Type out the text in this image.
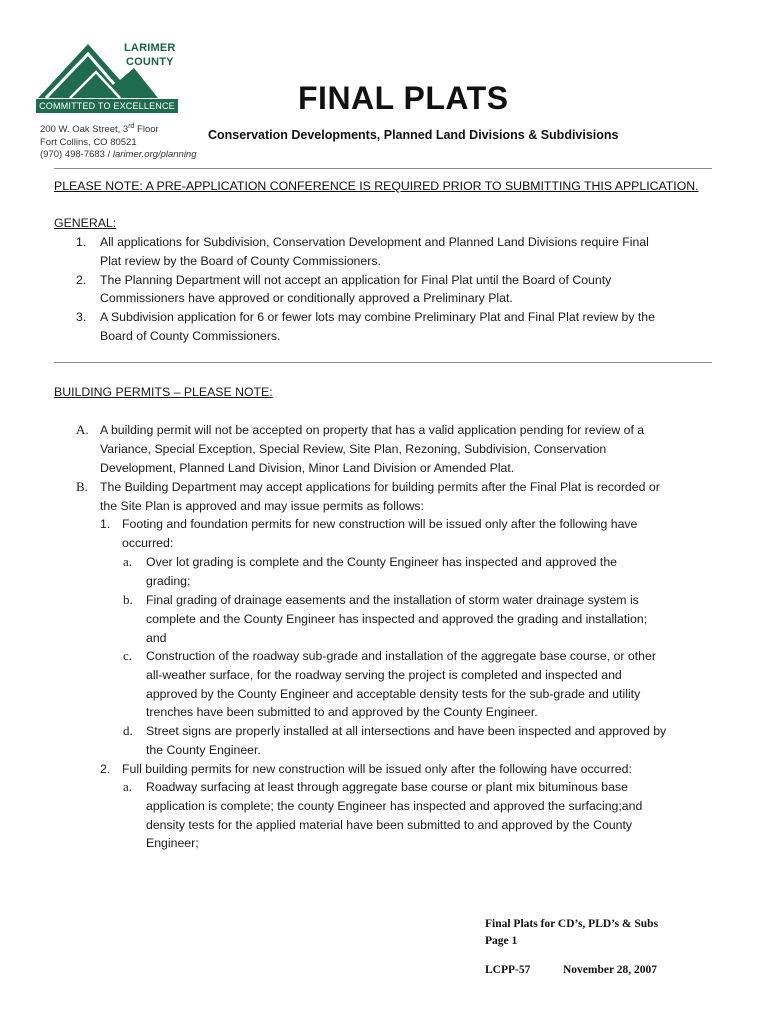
LARIMER
COUNTY
COMMITTED TO EXCELLENCE
200 W. Oak Street, 3rd Floor
Fort Collins, CO 80521
(970) 498-7683 / larimer.org/planning
FINAL PLATS
Conservation Developments, Planned Land Divisions & Subdivisions
PLEASE NOTE: A PRE-APPLICATION CONFERENCE IS REQUIRED PRIOR TO SUBMITTING THIS APPLICATION.
GENERAL:
1. All applications for Subdivision, Conservation Development and Planned Land Divisions require Final
Plat review by the Board of County Commissioners.
2. The Planning Department will not accept an application for Final Plat until the Board of County
Commissioners have approved or conditionally approved a Preliminary Plat.
3. A Subdivision application for 6 or fewer lots may combine Preliminary Plat and Final Plat review by the
Board of County Commissioners.
BUILDING PERMITS – PLEASE NOTE:
A. A building permit will not be accepted on property that has a valid application pending for review of a
Variance, Special Exception, Special Review, Site Plan, Rezoning, Subdivision, Conservation
Development, Planned Land Division, Minor Land Division or Amended Plat.
B. The Building Department may accept applications for building permits after the Final Plat is recorded or
the Site Plan is approved and may issue permits as follows:
1. Footing and foundation permits for new construction will be issued only after the following have
occurred:
a. Over lot grading is complete and the County Engineer has inspected and approved the
grading;
b. Final grading of drainage easements and the installation of storm water drainage system is
complete and the County Engineer has inspected and approved the grading and installation;
and
c. Construction of the roadway sub-grade and installation of the aggregate base course, or other
all-weather surface, for the roadway serving the project is completed and inspected and
approved by the County Engineer and acceptable density tests for the sub-grade and utility
trenches have been submitted to and approved by the County Engineer.
d. Street signs are properly installed at all intersections and have been inspected and approved by
the County Engineer.
2. Full building permits for new construction will be issued only after the following have occurred:
a. Roadway surfacing at least through aggregate base course or plant mix bituminous base
application is complete; the county Engineer has inspected and approved the surfacing;and
density tests for the applied material have been submitted to and approved by the County
Engineer;
Final Plats for CD’s, PLD’s & Subs
Page 1
LCPP-57	November 28, 2007
